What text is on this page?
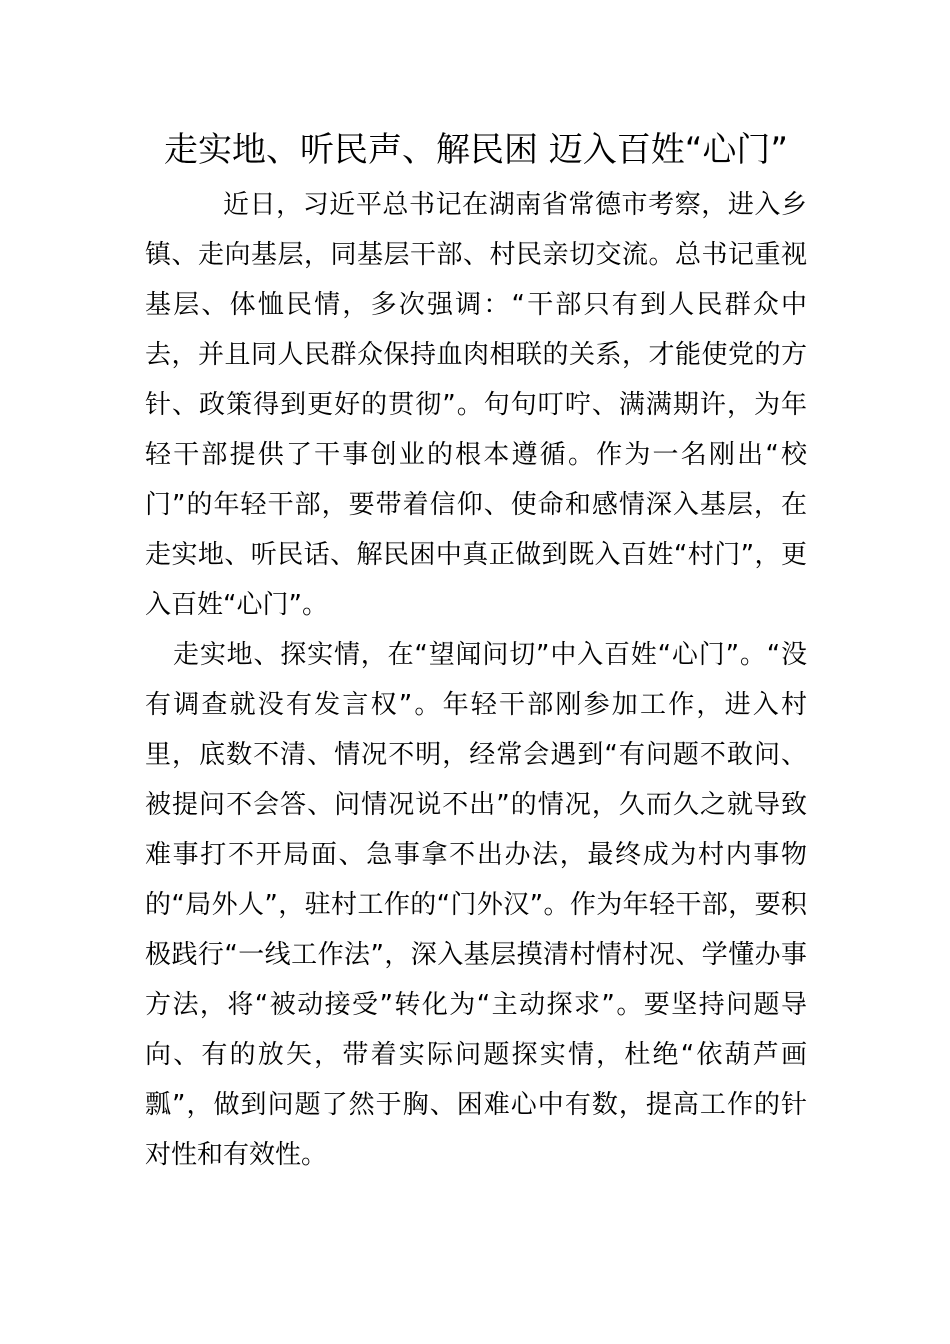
走实地、听民声、解民困 迈入百姓“心门”

近日，习近平总书记在湖南省常德市考察，进入乡镇、走向基层，同基层干部、村民亲切交流。总书记重视基层、体恤民情，多次强调：“干部只有到人民群众中去，并且同人民群众保持血肉相联的关系，才能使党的方针、政策得到更好的贯彻”。句句叮咛、满满期许，为年轻干部提供了干事创业的根本遵循。作为一名刚出“校门”的年轻干部，要带着信仰、使命和感情深入基层，在走实地、听民话、解民困中真正做到既入百姓“村门”，更入百姓“心门”。

走实地、探实情，在“望闻问切”中入百姓“心门”。“没有调查就没有发言权”。年轻干部刚参加工作，进入村里，底数不清、情况不明，经常会遇到“有问题不敢问、被提问不会答、问情况说不出”的情况，久而久之就导致难事打不开局面、急事拿不出办法，最终成为村内事物的“局外人”，驻村工作的“门外汉”。作为年轻干部，要积极践行“一线工作法”，深入基层摸清村情村况、学懂办事方法，将“被动接受”转化为“主动探求”。要坚持问题导向、有的放矢，带着实际问题探实情，杜绝“依葫芦画瓢”，做到问题了然于胸、困难心中有数，提高工作的针对性和有效性。
